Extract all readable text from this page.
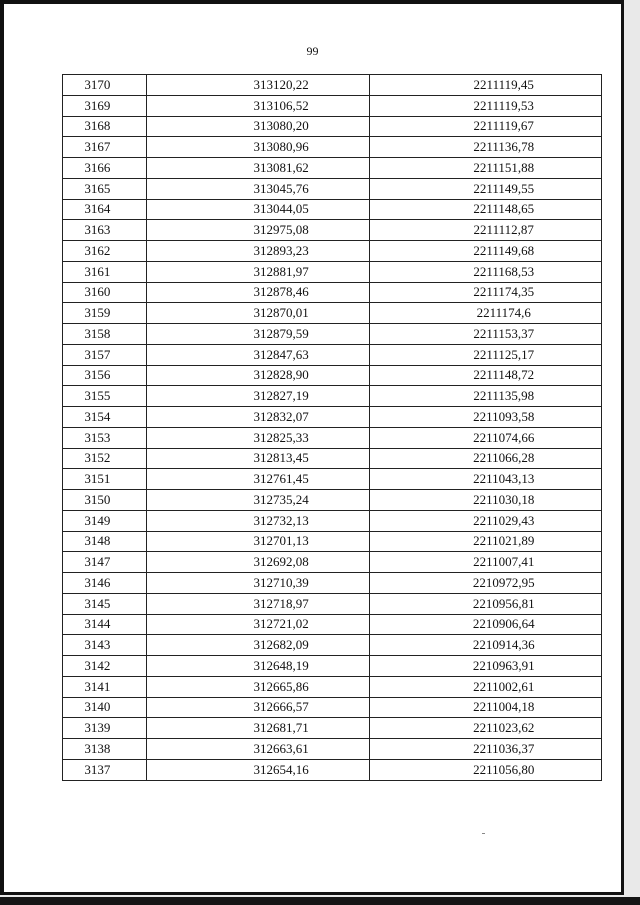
99
3170	313120,22	2211119,45
3169	313106,52	2211119,53
3168	313080,20	2211119,67
3167	313080,96	2211136,78
3166	313081,62	2211151,88
3165	313045,76	2211149,55
3164	313044,05	2211148,65
3163	312975,08	2211112,87
3162	312893,23	2211149,68
3161	312881,97	2211168,53
3160	312878,46	2211174,35
3159	312870,01	2211174,6
3158	312879,59	2211153,37
3157	312847,63	2211125,17
3156	312828,90	2211148,72
3155	312827,19	2211135,98
3154	312832,07	2211093,58
3153	312825,33	2211074,66
3152	312813,45	2211066,28
3151	312761,45	2211043,13
3150	312735,24	2211030,18
3149	312732,13	2211029,43
3148	312701,13	2211021,89
3147	312692,08	2211007,41
3146	312710,39	2210972,95
3145	312718,97	2210956,81
3144	312721,02	2210906,64
3143	312682,09	2210914,36
3142	312648,19	2210963,91
3141	312665,86	2211002,61
3140	312666,57	2211004,18
3139	312681,71	2211023,62
3138	312663,61	2211036,37
3137	312654,16	2211056,80
